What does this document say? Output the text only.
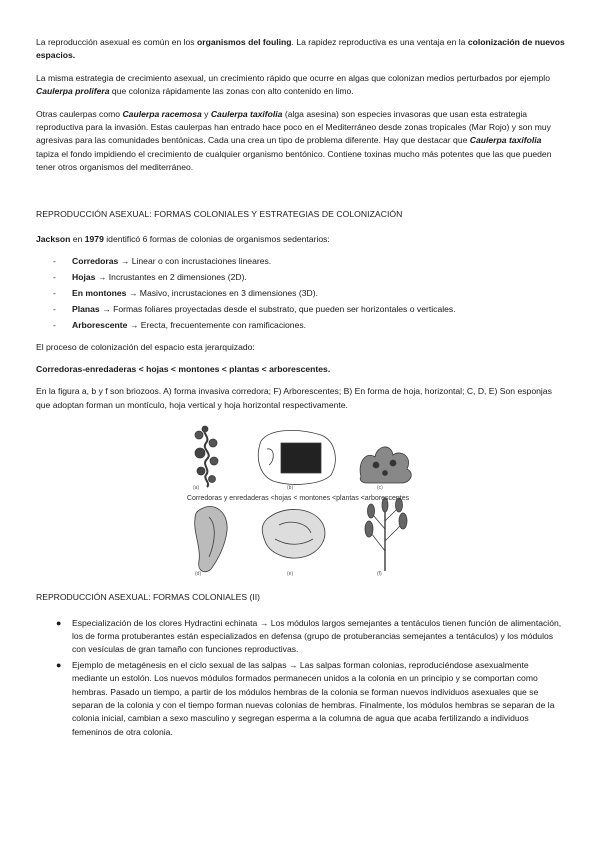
La reproducción asexual es común en los organismos del fouling. La rapidez reproductiva es una ventaja en la colonización de nuevos espacios.

La misma estrategia de crecimiento asexual, un crecimiento rápido que ocurre en algas que colonizan medios perturbados por ejemplo Caulerpa prolifera que coloniza rápidamente las zonas con alto contenido en limo.

Otras caulerpas como Caulerpa racemosa y Caulerpa taxifolia (alga asesina) son especies invasoras que usan esta estrategia reproductiva para la invasión. Estas caulerpas han entrado hace poco en el Mediterráneo desde zonas tropicales (Mar Rojo) y son muy agresivas para las comunidades bentónicas. Cada una crea un tipo de problema diferente. Hay que destacar que Caulerpa taxifolia tapiza el fondo impidiendo el crecimiento de cualquier organismo bentónico. Contiene toxinas mucho más potentes que las que pueden tener otros organismos del mediterráneo.

REPRODUCCIÓN ASEXUAL: FORMAS COLONIALES Y ESTRATEGIAS DE COLONIZACIÓN

Jackson en 1979 identificó 6 formas de colonias de organismos sedentarios:

- Corredoras → Linear o con incrustaciones lineares.
- Hojas → Incrustantes en 2 dimensiones (2D).
- En montones → Masivo, incrustaciones en 3 dimensiones (3D).
- Planas → Formas foliares proyectadas desde el substrato, que pueden ser horizontales o verticales.
- Arborescente → Erecta, frecuentemente con ramificaciones.

El proceso de colonización del espacio esta jerarquizado:

Corredoras-enredaderas < hojas < montones < plantas < arborescentes.

En la figura a, b y f son briozoos. A) forma invasiva corredora; F) Arborescentes; B) En forma de hoja, horizontal; C, D, E) Son esponjas que adoptan forman un montículo, hoja vertical y hoja horizontal respectivamente.

(a)	(b)	(c)
(d)	(e)	(f)
Corredoras y enredaderas <hojas < montones <plantas <arborescentes
REPRODUCCIÓN ASEXUAL: FORMAS COLONIALES (II)
● Especialización de los clores Hydractini echinata → Los módulos largos semejantes a tentáculos tienen función de alimentación, los de forma protuberantes están especializados en defensa (grupo de protuberancias semejantes a tentáculos) y los módulos con vesículas de gran tamaño con funciones reproductivas.
● Ejemplo de metagénesis en el ciclo sexual de las salpas → Las salpas forman colonias, reproduciéndose asexualmente mediante un estolón. Los nuevos módulos formados permanecen unidos a la colonia en un principio y se comportan como hembras. Pasado un tiempo, a partir de los módulos hembras de la colonia se forman nuevos individuos asexuales que se separan de la colonia y con el tiempo forman nuevas colonias de hembras. Finalmente, los módulos hembras se separan de la colonia inicial, cambian a sexo masculino y segregan esperma a la columna de agua que acaba fertilizando a individuos femeninos de otra colonia.
